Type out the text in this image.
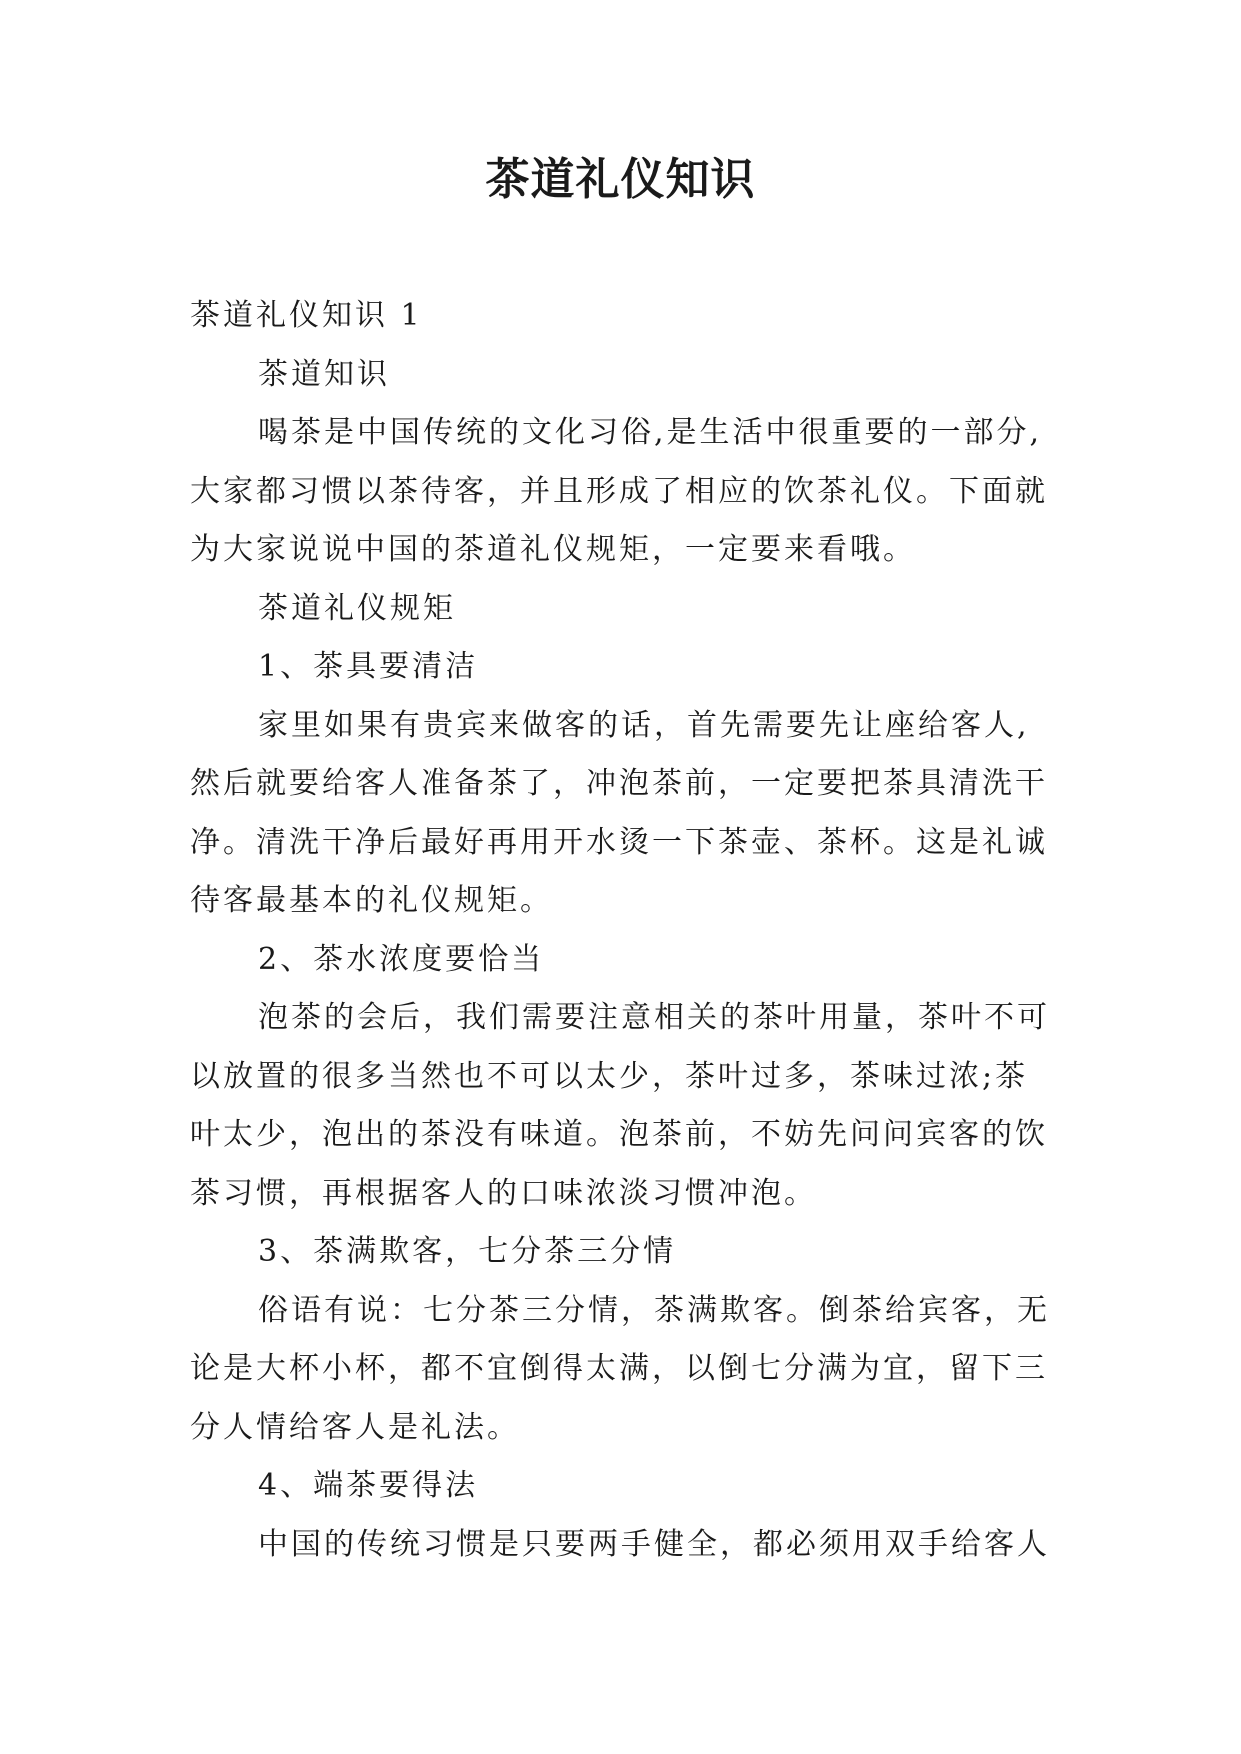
茶道礼仪知识

茶道礼仪知识 1

茶道知识

喝茶是中国传统的文化习俗,是生活中很重要的一部分,

大家都习惯以茶待客，并且形成了相应的饮茶礼仪。下面就

为大家说说中国的茶道礼仪规矩，一定要来看哦。

茶道礼仪规矩

1、茶具要清洁

家里如果有贵宾来做客的话，首先需要先让座给客人,

然后就要给客人准备茶了，冲泡茶前，一定要把茶具清洗干

净。清洗干净后最好再用开水烫一下茶壶、茶杯。这是礼诚

待客最基本的礼仪规矩。

2、茶水浓度要恰当

泡茶的会后，我们需要注意相关的茶叶用量，茶叶不可

以放置的很多当然也不可以太少，茶叶过多，茶味过浓;茶

叶太少，泡出的茶没有味道。泡茶前，不妨先问问宾客的饮

茶习惯，再根据客人的口味浓淡习惯冲泡。

3、茶满欺客，七分茶三分情

俗语有说：七分茶三分情，茶满欺客。倒茶给宾客，无

论是大杯小杯，都不宜倒得太满，以倒七分满为宜，留下三

分人情给客人是礼法。

4、端茶要得法

中国的传统习惯是只要两手健全，都必须用双手给客人
